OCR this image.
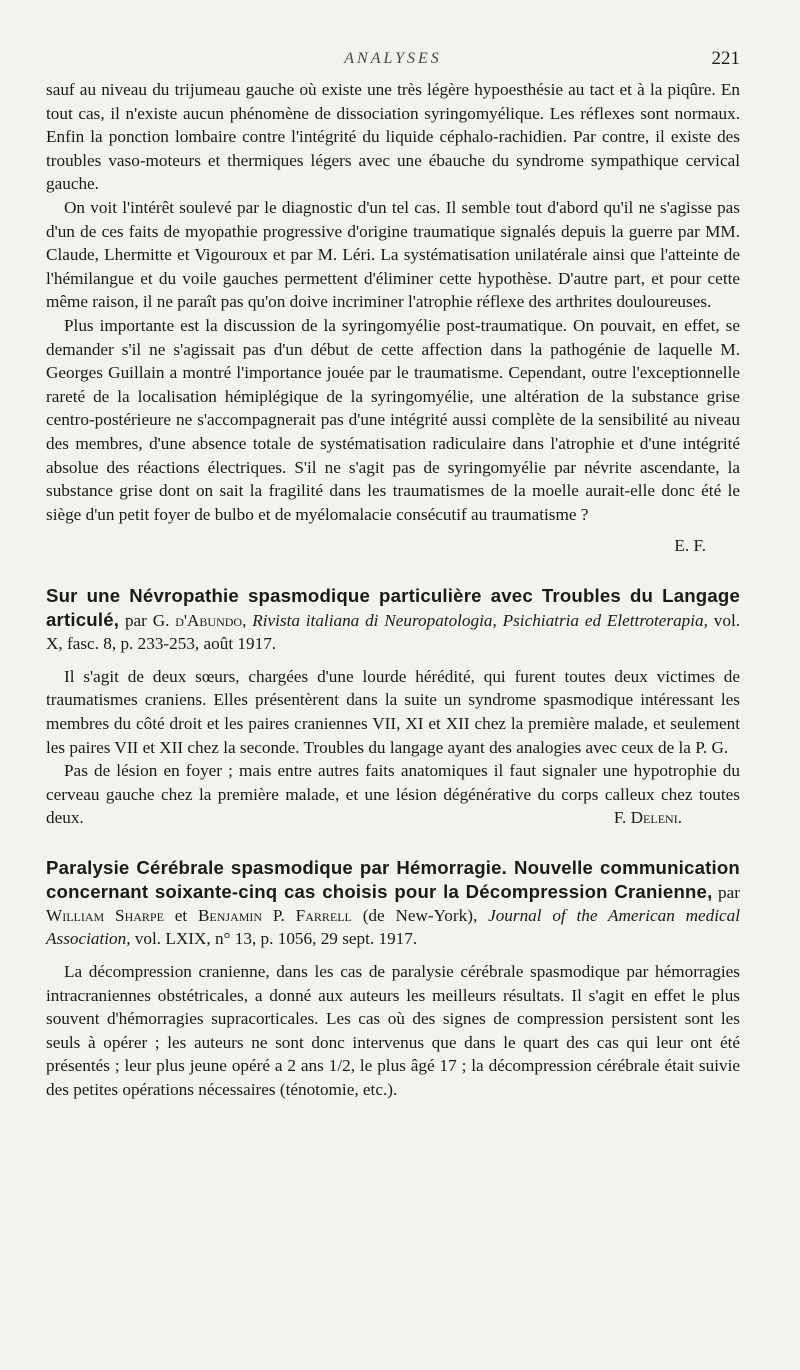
ANALYSES	221

sauf au niveau du trijumeau gauche où existe une très légère hypoesthésie au tact et à la piqûre. En tout cas, il n'existe aucun phénomène de dissociation syringomyélique. Les réflexes sont normaux. Enfin la ponction lombaire contre l'intégrité du liquide céphalo-rachidien. Par contre, il existe des troubles vaso-moteurs et thermiques légers avec une ébauche du syndrome sympathique cervical gauche.

On voit l'intérêt soulevé par le diagnostic d'un tel cas. Il semble tout d'abord qu'il ne s'agisse pas d'un de ces faits de myopathie progressive d'origine traumatique signalés depuis la guerre par MM. Claude, Lhermitte et Vigouroux et par M. Léri. La systématisation unilatérale ainsi que l'atteinte de l'hémilangue et du voile gauches permettent d'éliminer cette hypothèse. D'autre part, et pour cette même raison, il ne paraît pas qu'on doive incriminer l'atrophie réflexe des arthrites douloureuses.

Plus importante est la discussion de la syringomyélie post-traumatique. On pouvait, en effet, se demander s'il ne s'agissait pas d'un début de cette affection dans la pathogénie de laquelle M. Georges Guillain a montré l'importance jouée par le traumatisme. Cependant, outre l'exceptionnelle rareté de la localisation hémiplégique de la syringomyélie, une altération de la substance grise centro-postérieure ne s'accompagnerait pas d'une intégrité aussi complète de la sensibilité au niveau des membres, d'une absence totale de systématisation radiculaire dans l'atrophie et d'une intégrité absolue des réactions électriques. S'il ne s'agit pas de syringomyélie par névrite ascendante, la substance grise dont on sait la fragilité dans les traumatismes de la moelle aurait-elle donc été le siège d'un petit foyer de bulbo et de myélomalacie consécutif au traumatisme ?

E. F.
Sur une Névropathie spasmodique particulière avec Troubles du Langage articulé, par G. d'Abundo, Rivista italiana di Neuropatologia, Psichiatria ed Elettroterapia, vol. X, fasc. 8, p. 233-253, août 1917.

Il s'agit de deux sœurs, chargées d'une lourde hérédité, qui furent toutes deux victimes de traumatismes craniens. Elles présentèrent dans la suite un syndrome spasmodique intéressant les membres du côté droit et les paires craniennes VII, XI et XII chez la première malade, et seulement les paires VII et XII chez la seconde. Troubles du langage ayant des analogies avec ceux de la P. G.

Pas de lésion en foyer ; mais entre autres faits anatomiques il faut signaler une hypotrophie du cerveau gauche chez la première malade, et une lésion dégénérative du corps calleux chez toutes deux.	F. Deleni.

Paralysie Cérébrale spasmodique par Hémorragie. Nouvelle communication concernant soixante-cinq cas choisis pour la Décompression Cranienne, par William Sharpe et Benjamin P. Farrell (de New-York), Journal of the American medical Association, vol. LXIX, n° 13, p. 1056, 29 sept. 1917.

La décompression cranienne, dans les cas de paralysie cérébrale spasmodique par hémorragies intracraniennes obstétricales, a donné aux auteurs les meilleurs résultats. Il s'agit en effet le plus souvent d'hémorragies supracorticales. Les cas où des signes de compression persistent sont les seuls à opérer ; les auteurs ne sont donc intervenus que dans le quart des cas qui leur ont été présentés ; leur plus jeune opéré a 2 ans 1/2, le plus âgé 17 ; la décompression cérébrale était suivie des petites opérations nécessaires (ténotomie, etc.).
